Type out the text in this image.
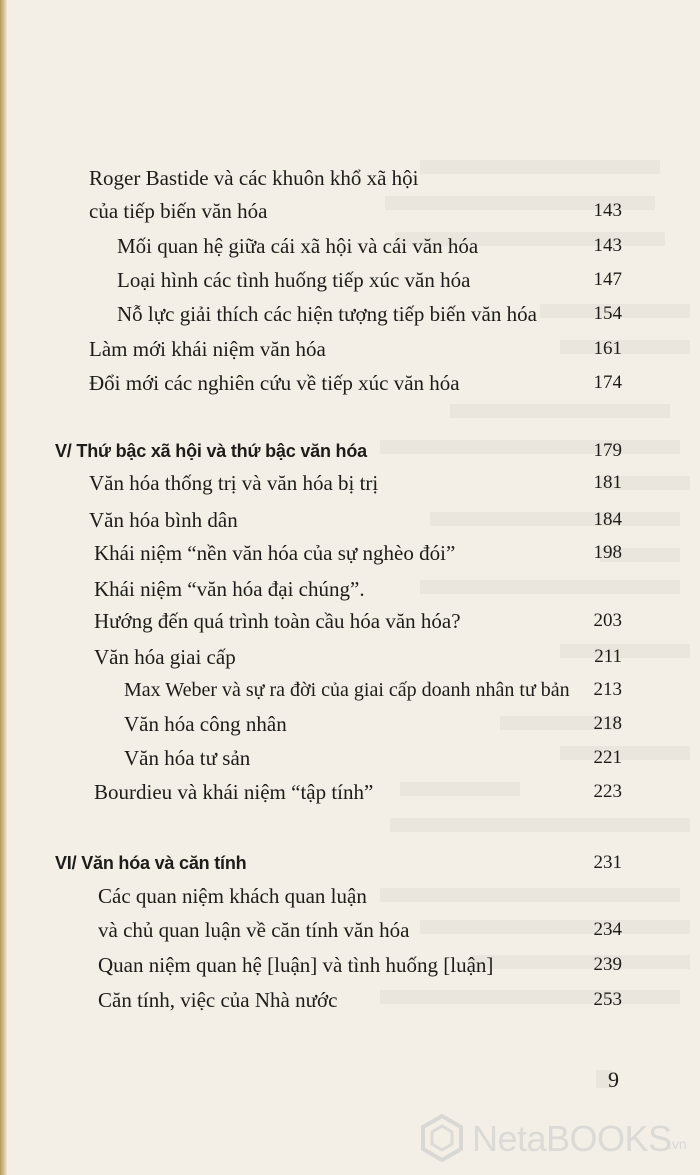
Roger Bastide và các khuôn khổ xã hội
của tiếp biến văn hóa	143
Mối quan hệ giữa cái xã hội và cái văn hóa	143
Loại hình các tình huống tiếp xúc văn hóa	147
Nỗ lực giải thích các hiện tượng tiếp biến văn hóa	154
Làm mới khái niệm văn hóa	161
Đổi mới các nghiên cứu về tiếp xúc văn hóa	174
V/ Thứ bậc xã hội và thứ bậc văn hóa	179
Văn hóa thống trị và văn hóa bị trị	181
Văn hóa bình dân	184
Khái niệm “nền văn hóa của sự nghèo đói”	198
Khái niệm “văn hóa đại chúng”.
Hướng đến quá trình toàn cầu hóa văn hóa?	203
Văn hóa giai cấp	211
Max Weber và sự ra đời của giai cấp doanh nhân tư bản 213
Văn hóa công nhân	218
Văn hóa tư sản	221
Bourdieu và khái niệm “tập tính”	223
VI/ Văn hóa và căn tính	231
Các quan niệm khách quan luận
và chủ quan luận về căn tính văn hóa	234
Quan niệm quan hệ [luận] và tình huống [luận]	239
Căn tính, việc của Nhà nước	253
9
NetaBOOKS
.vn
